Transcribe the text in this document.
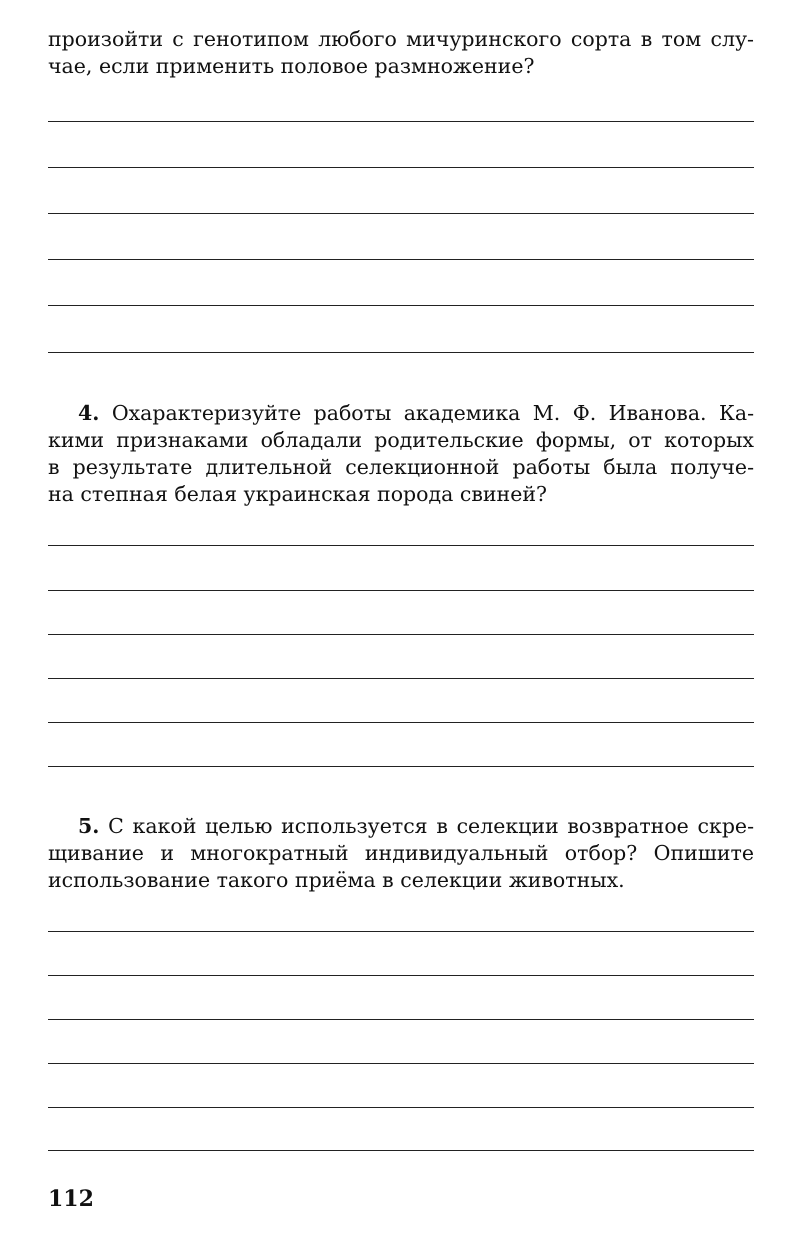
произойти с генотипом любого мичуринского сорта в том слу-
чае, если применить половое размножение?

4. Охарактеризуйте работы академика М. Ф. Иванова. Ка-
кими признаками обладали родительские формы, от которых
в результате длительной селекционной работы была получе-
на степная белая украинская порода свиней?

5. С какой целью используется в селекции возвратное скре-
щивание и многократный индивидуальный отбор? Опишите
использование такого приёма в селекции животных.

112
